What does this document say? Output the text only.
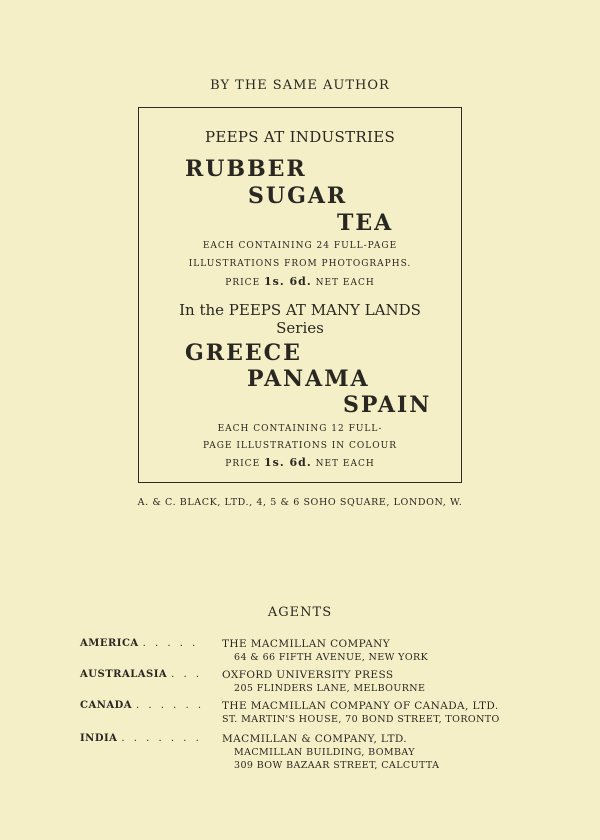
BY THE SAME AUTHOR
PEEPS AT INDUSTRIES
RUBBER
SUGAR
TEA
EACH CONTAINING 24 FULL-PAGE
ILLUSTRATIONS FROM PHOTOGRAPHS.
PRICE 1s. 6d. NET EACH
In the PEEPS AT MANY LANDS
Series
GREECE
PANAMA
SPAIN
EACH CONTAINING 12 FULL-
PAGE ILLUSTRATIONS IN COLOUR
PRICE 1s. 6d. NET EACH
A. & C. BLACK, LTD., 4, 5 & 6 SOHO SQUARE, LONDON, W.
AGENTS
AMERICA . . . . . THE MACMILLAN COMPANY
64 & 66 FIFTH AVENUE, NEW YORK
AUSTRALASIA . . . OXFORD UNIVERSITY PRESS
205 FLINDERS LANE, MELBOURNE
CANADA . . . . . . THE MACMILLAN COMPANY OF CANADA, LTD.
ST. MARTIN'S HOUSE, 70 BOND STREET, TORONTO
INDIA . . . . . . . MACMILLAN & COMPANY, LTD.
MACMILLAN BUILDING, BOMBAY
309 BOW BAZAAR STREET, CALCUTTA
